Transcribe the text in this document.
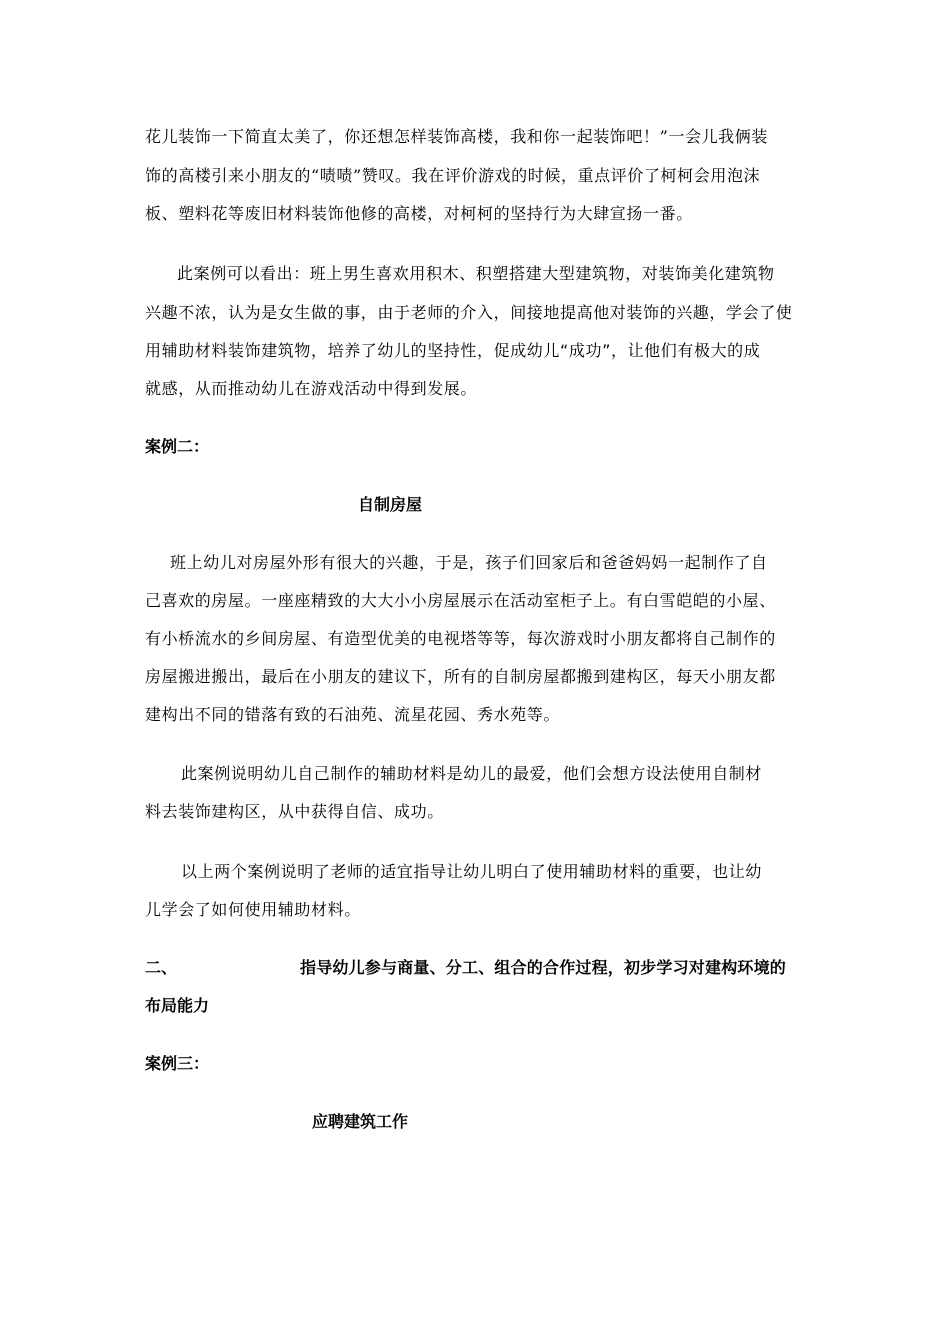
花儿装饰一下简直太美了，你还想怎样装饰高楼，我和你一起装饰吧！”一会儿我俩装
饰的高楼引来小朋友的“啧啧”赞叹。我在评价游戏的时候，重点评价了柯柯会用泡沫
板、塑料花等废旧材料装饰他修的高楼，对柯柯的坚持行为大肆宣扬一番。
此案例可以看出：班上男生喜欢用积木、积塑搭建大型建筑物，对装饰美化建筑物
兴趣不浓，认为是女生做的事，由于老师的介入，间接地提高他对装饰的兴趣，学会了使
用辅助材料装饰建筑物，培养了幼儿的坚持性，促成幼儿“成功”，让他们有极大的成
就感，从而推动幼儿在游戏活动中得到发展。
案例二：
自制房屋
班上幼儿对房屋外形有很大的兴趣，于是，孩子们回家后和爸爸妈妈一起制作了自
己喜欢的房屋。一座座精致的大大小小房屋展示在活动室柜子上。有白雪皑皑的小屋、
有小桥流水的乡间房屋、有造型优美的电视塔等等，每次游戏时小朋友都将自己制作的
房屋搬进搬出，最后在小朋友的建议下，所有的自制房屋都搬到建构区，每天小朋友都
建构出不同的错落有致的石油苑、流星花园、秀水苑等。
此案例说明幼儿自己制作的辅助材料是幼儿的最爱，他们会想方设法使用自制材
料去装饰建构区，从中获得自信、成功。
以上两个案例说明了老师的适宜指导让幼儿明白了使用辅助材料的重要，也让幼
儿学会了如何使用辅助材料。
二、	指导幼儿参与商量、分工、组合的合作过程，初步学习对建构环境的
布局能力
案例三：
应聘建筑工作
